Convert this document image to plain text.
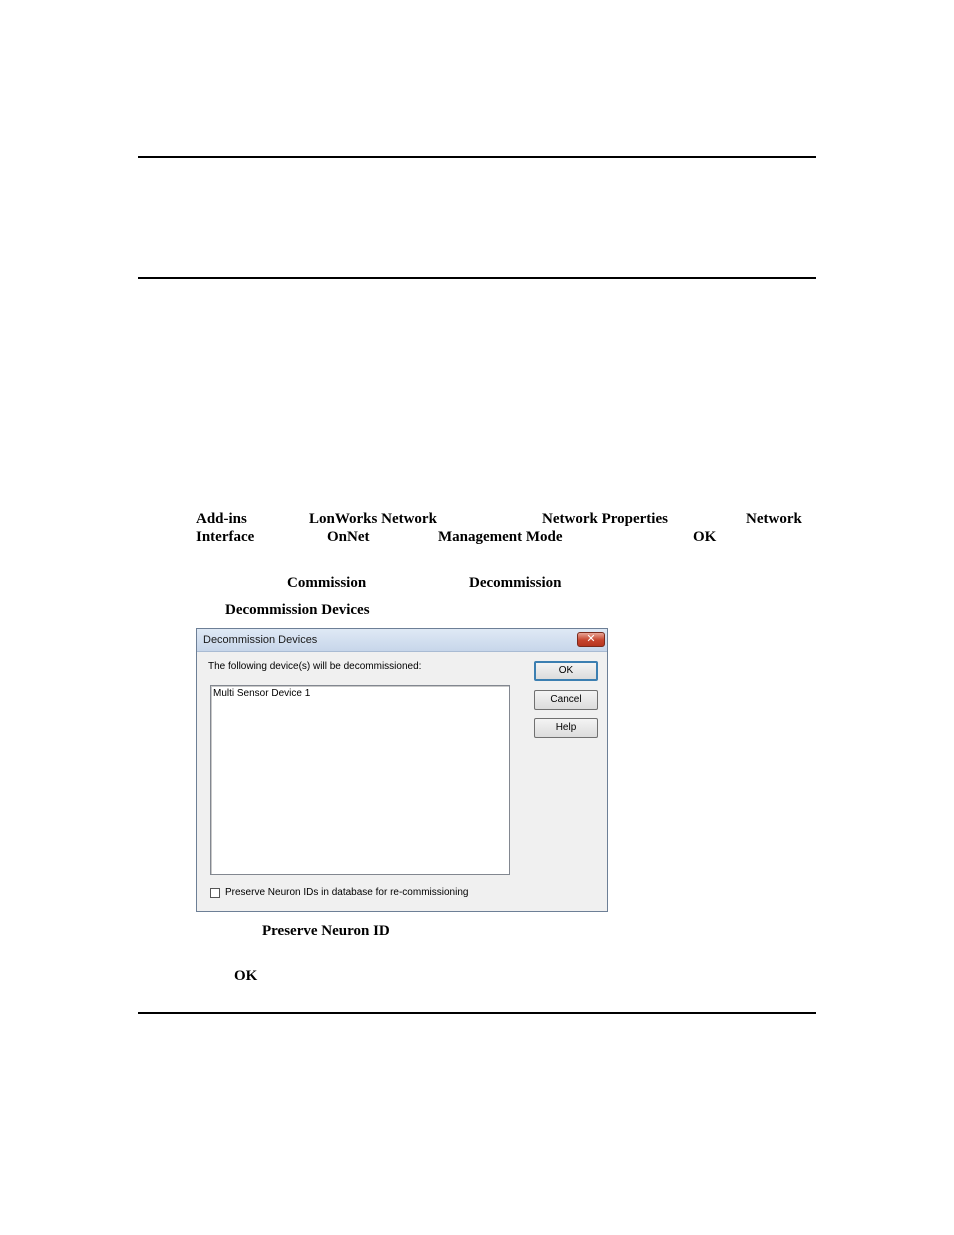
Add-ins	LonWorks Network	Network Properties	Network
Interface	OnNet	Management Mode	OK
Commission	Decommission
Decommission Devices
Decommission Devices	✕
The following device(s) will be decommissioned:
Multi Sensor Device 1
OK
Cancel
Help
Preserve Neuron IDs in database for re-commissioning
Preserve Neuron ID
OK
